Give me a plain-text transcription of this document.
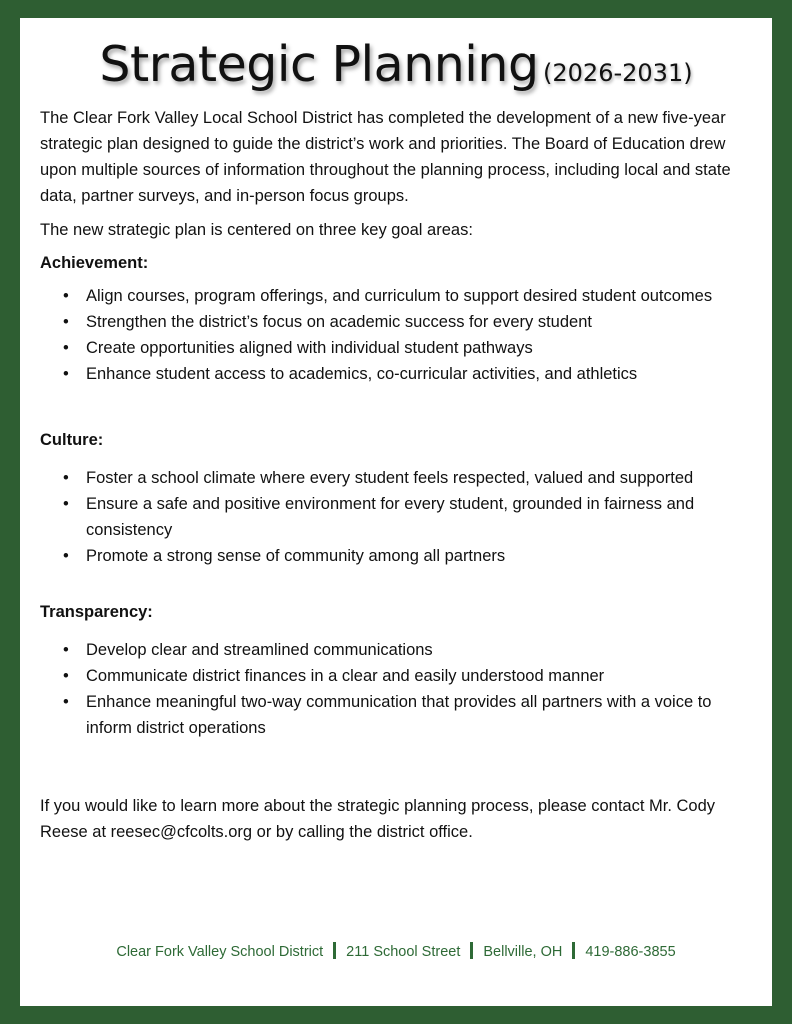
Strategic Planning (2026-2031)

The Clear Fork Valley Local School District has completed the development of a new five-year strategic plan designed to guide the district’s work and priorities. The Board of Education drew upon multiple sources of information throughout the planning process, including local and state data, partner surveys, and in-person focus groups.

The new strategic plan is centered on three key goal areas:

Achievement:
• Align courses, program offerings, and curriculum to support desired student outcomes
• Strengthen the district’s focus on academic success for every student
• Create opportunities aligned with individual student pathways
• Enhance student access to academics, co-curricular activities, and athletics
Culture:
• Foster a school climate where every student feels respected, valued and supported
• Ensure a safe and positive environment for every student, grounded in fairness and consistency
• Promote a strong sense of community among all partners
Transparency:
• Develop clear and streamlined communications
• Communicate district finances in a clear and easily understood manner
• Enhance meaningful two-way communication that provides all partners with a voice to inform district operations

If you would like to learn more about the strategic planning process, please contact Mr. Cody Reese at reesec@cfcolts.org or by calling the district office.

Clear Fork Valley School District 211 School Street Bellville, OH 419-886-3855
